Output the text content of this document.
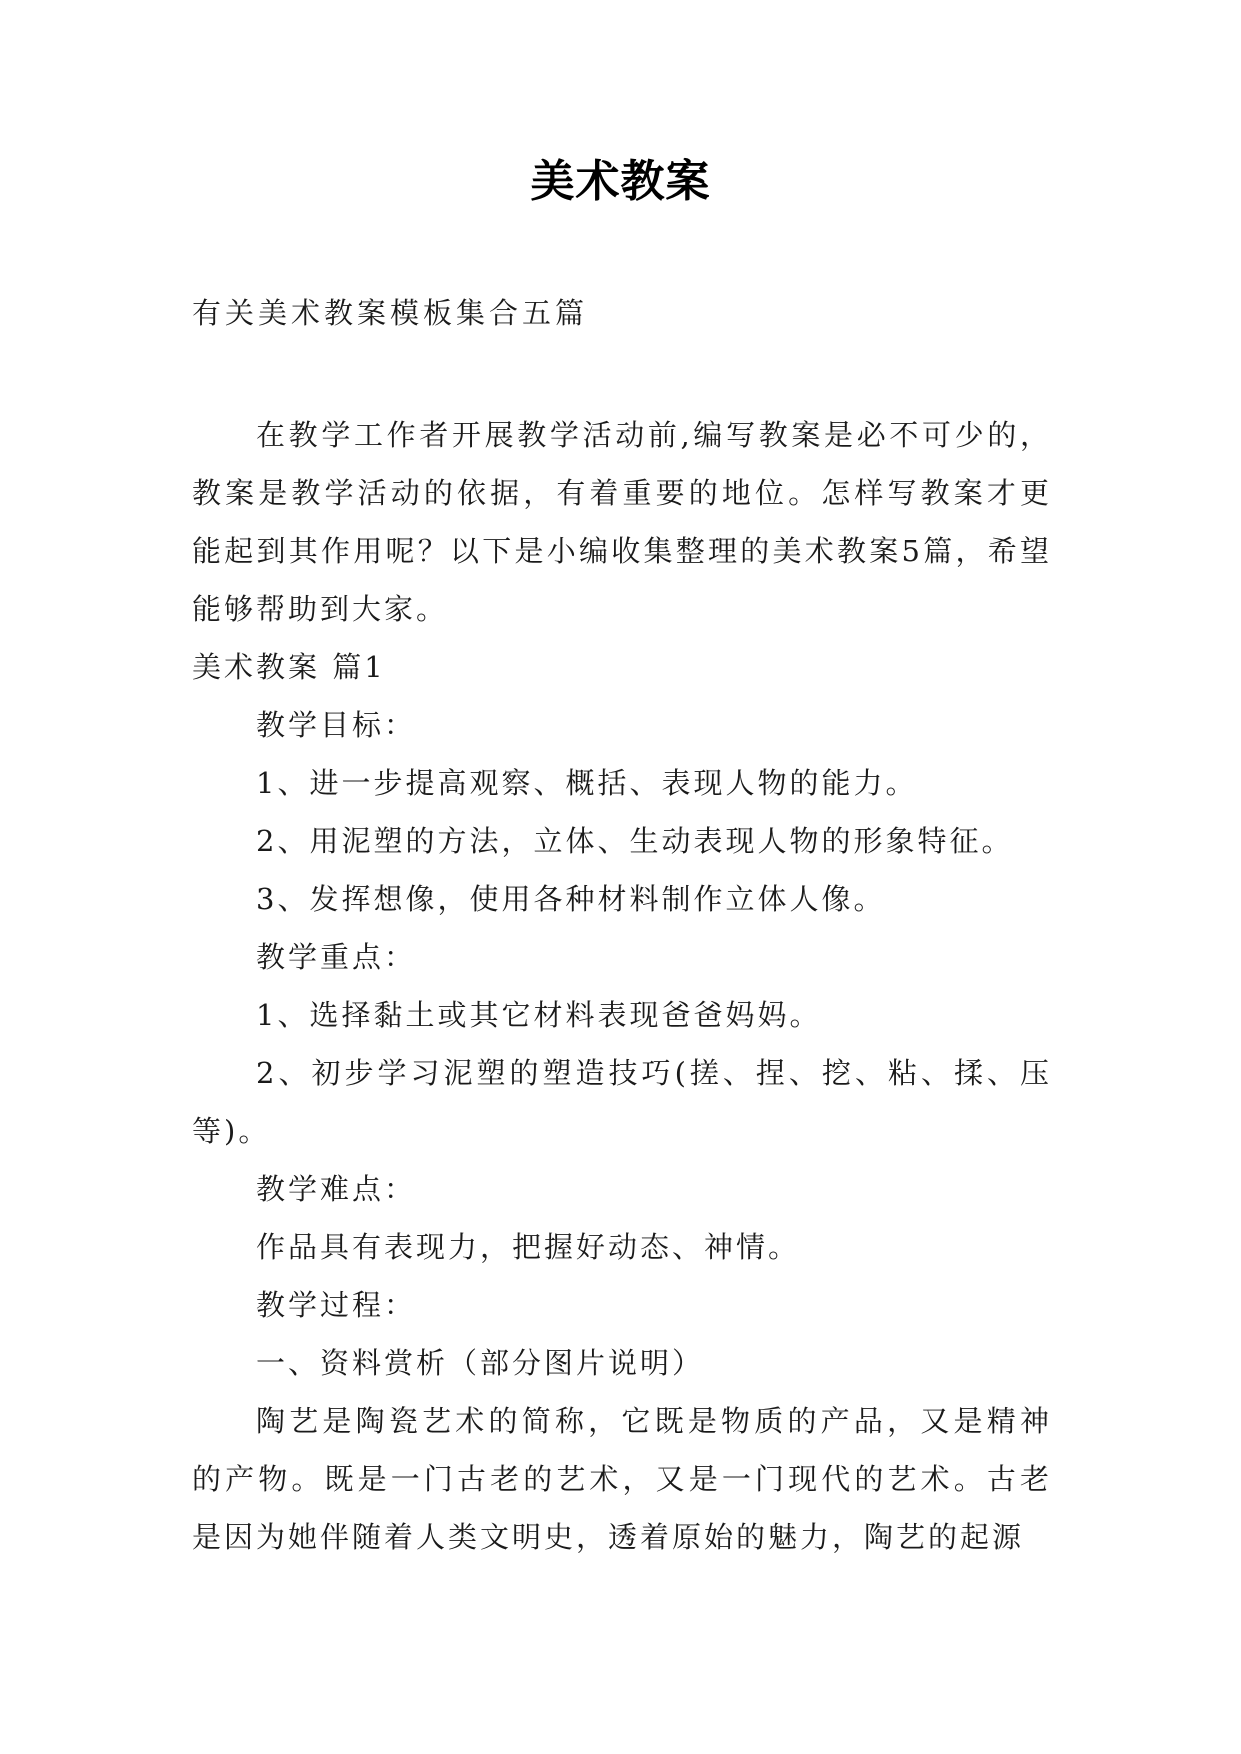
美术教案
有关美术教案模板集合五篇

在教学工作者开展教学活动前,编写教案是必不可少的，教案是教学活动的依据，有着重要的地位。怎样写教案才更能起到其作用呢？以下是小编收集整理的美术教案5篇，希望能够帮助到大家。

美术教案 篇1

教学目标：

1、进一步提高观察、概括、表现人物的能力。

2、用泥塑的方法，立体、生动表现人物的形象特征。

3、发挥想像，使用各种材料制作立体人像。

教学重点：

1、选择黏土或其它材料表现爸爸妈妈。

2、初步学习泥塑的塑造技巧(搓、捏、挖、粘、揉、压等)。

教学难点：

作品具有表现力，把握好动态、神情。

教学过程：

一、资料赏析（部分图片说明）

陶艺是陶瓷艺术的简称，它既是物质的产品，又是精神的产物。既是一门古老的艺术，又是一门现代的艺术。古老是因为她伴随着人类文明史，透着原始的魅力，陶艺的起源
